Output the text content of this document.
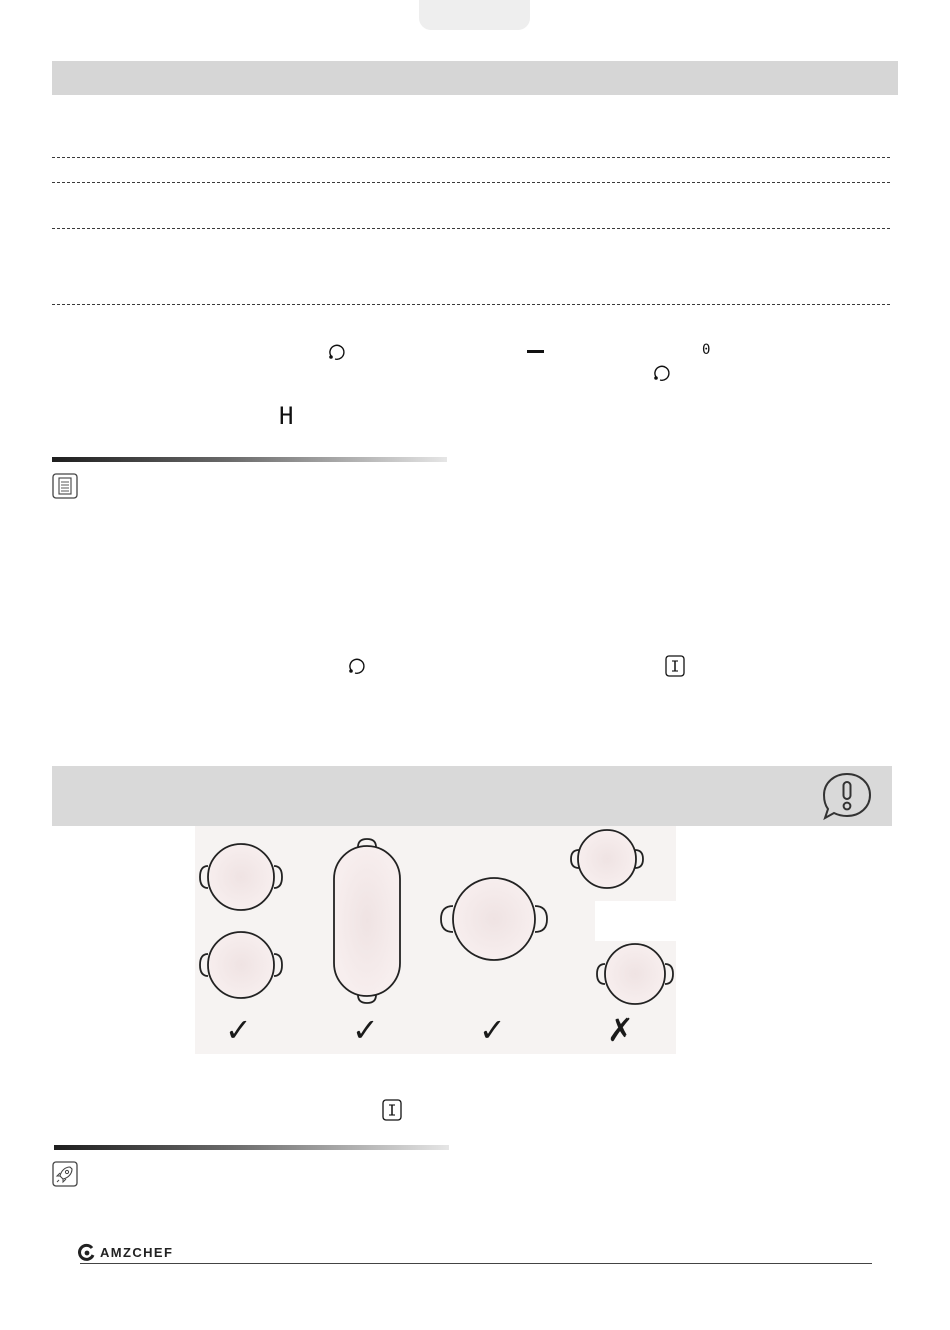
0
H
✓	✓	✓	✗
AMZCHEF
